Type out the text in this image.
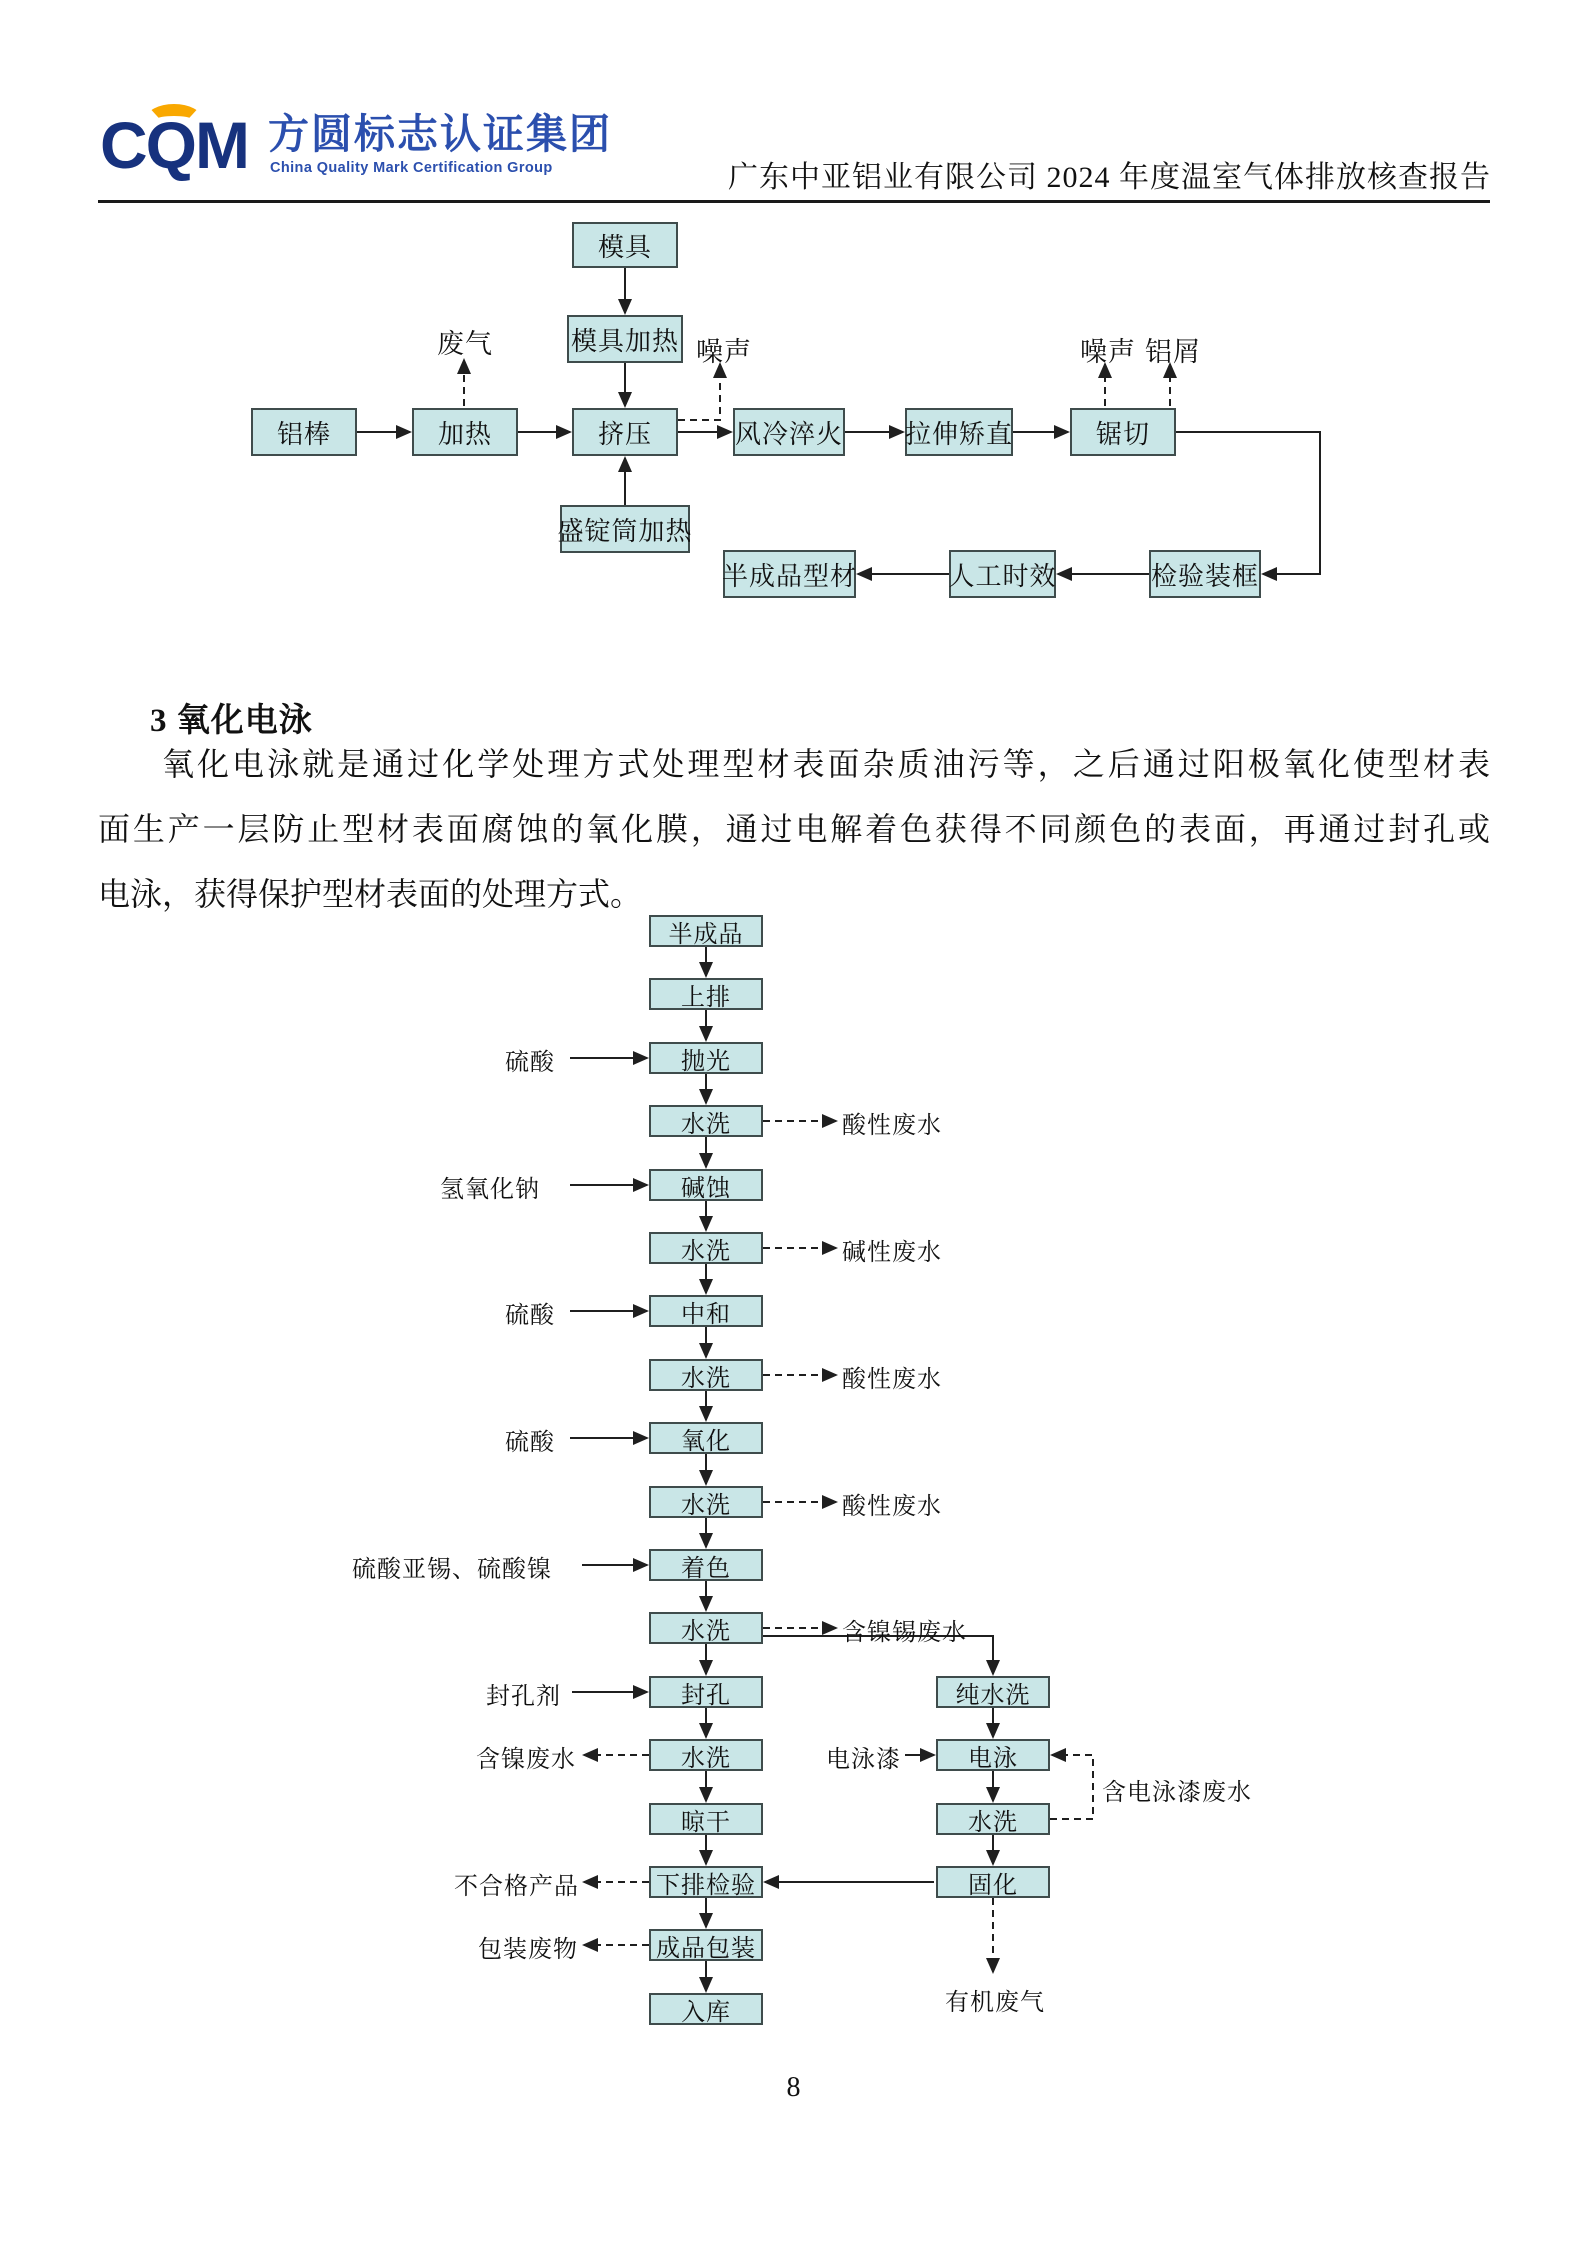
CQM 方圆标志认证集团
China Quality Mark Certification Group	广东中亚铝业有限公司 2024 年度温室气体排放核查报告
模具
模具加热
铝棒	加热	挤压	风冷淬火 拉伸矫直	锯切
盛锭筒加热
半成品型材	人工时效	检验装框
废气	噪声	噪声 铝屑
半成品
上排
抛光
水洗
碱蚀
水洗
中和
水洗
氧化
水洗
着色
水洗
封孔
水洗
晾干
下排检验
成品包装
入库
纯水洗
电泳
水洗
固化
硫酸
氢氧化钠
硫酸
硫酸
硫酸亚锡、硫酸镍
封孔剂
电泳漆
酸性废水
碱性废水
酸性废水
酸性废水
含镍锡废水
含镍废水
含电泳漆废水
不合格产品
包装废物
有机废气
3 氧化电泳
氧化电泳就是通过化学处理方式处理型材表面杂质油污等，之后通过阳极氧化使型材表
面生产一层防止型材表面腐蚀的氧化膜，通过电解着色获得不同颜色的表面，再通过封孔或
电泳，获得保护型材表面的处理方式。
8
